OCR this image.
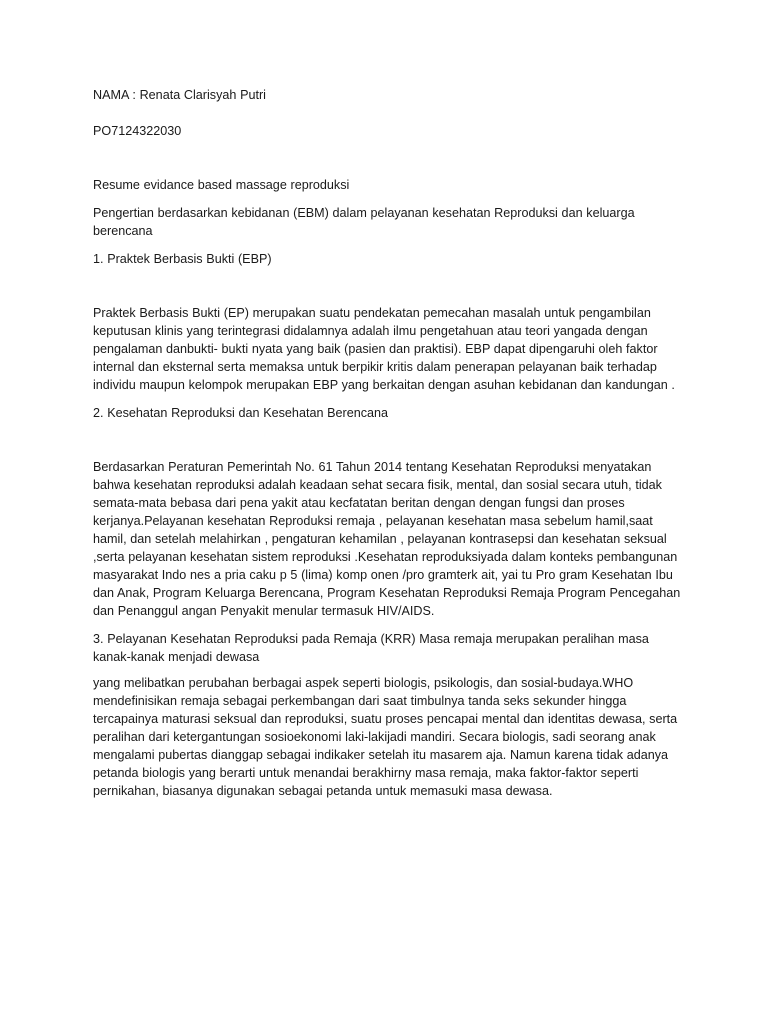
NAMA : Renata Clarisyah Putri

PO7124322030

Resume evidance based massage reproduksi

Pengertian berdasarkan kebidanan (EBM) dalam pelayanan kesehatan Reproduksi dan keluarga berencana

1. Praktek Berbasis Bukti (EBP)

Praktek Berbasis Bukti (EP) merupakan suatu pendekatan pemecahan masalah untuk pengambilan keputusan klinis yang terintegrasi didalamnya adalah ilmu pengetahuan atau teori yangada dengan pengalaman danbukti- bukti nyata yang baik (pasien dan praktisi). EBP dapat dipengaruhi oleh faktor internal dan eksternal serta memaksa untuk berpikir kritis dalam penerapan pelayanan baik terhadap individu maupun kelompok merupakan EBP yang berkaitan dengan asuhan kebidanan dan kandungan .

2. Kesehatan Reproduksi dan Kesehatan Berencana

Berdasarkan Peraturan Pemerintah No. 61 Tahun 2014 tentang Kesehatan Reproduksi menyatakan bahwa kesehatan reproduksi adalah keadaan sehat secara fisik, mental, dan sosial secara utuh, tidak semata-mata bebasa dari pena yakit atau kecfatatan beritan dengan dengan fungsi dan proses kerjanya.Pelayanan kesehatan Reproduksi remaja , pelayanan kesehatan masa sebelum hamil,saat hamil, dan setelah melahirkan , pengaturan kehamilan , pelayanan kontrasepsi dan kesehatan seksual ,serta pelayanan kesehatan sistem reproduksi .Kesehatan reproduksiyada dalam konteks pembangunan masyarakat Indo nes a pria caku p 5 (lima) komp onen /pro gramterk ait, yai tu Pro gram Kesehatan Ibu dan Anak, Program Keluarga Berencana, Program Kesehatan Reproduksi Remaja Program Pencegahan dan Penanggul angan Penyakit menular termasuk HIV/AIDS.

3. Pelayanan Kesehatan Reproduksi pada Remaja (KRR) Masa remaja merupakan peralihan masa kanak-kanak menjadi dewasa

yang melibatkan perubahan berbagai aspek seperti biologis, psikologis, dan sosial-budaya.WHO mendefinisikan remaja sebagai perkembangan dari saat timbulnya tanda seks sekunder hingga tercapainya maturasi seksual dan reproduksi, suatu proses pencapai mental dan identitas dewasa, serta peralihan dari ketergantungan sosioekonomi laki-lakijadi mandiri. Secara biologis, sadi seorang anak mengalami pubertas dianggap sebagai indikaker setelah itu masarem aja. Namun karena tidak adanya petanda biologis yang berarti untuk menandai berakhirny masa remaja, maka faktor-faktor seperti pernikahan, biasanya digunakan sebagai petanda untuk memasuki masa dewasa.
